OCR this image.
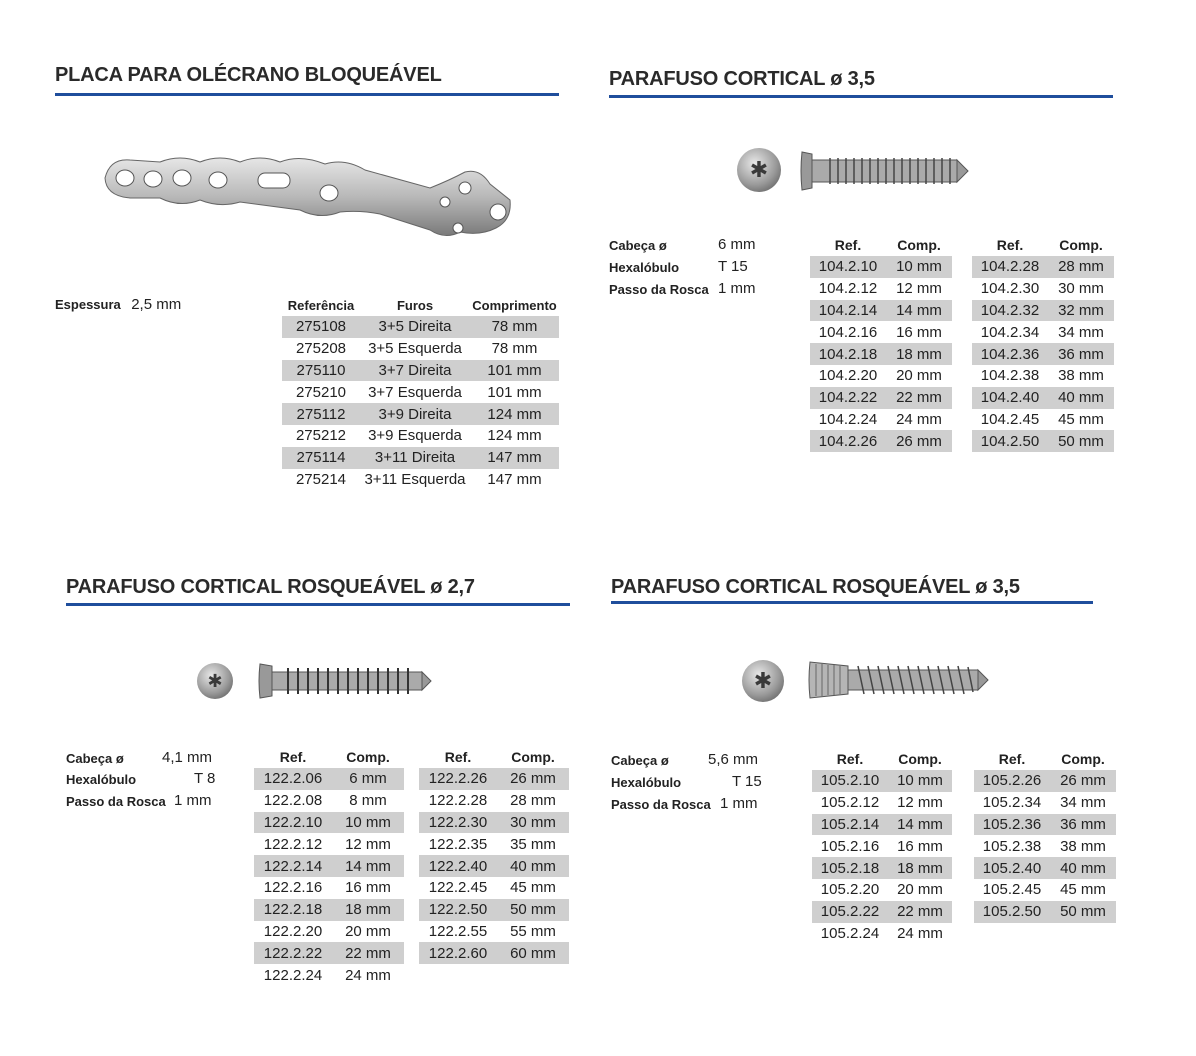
PLACA PARA OLÉCRANO BLOQUEÁVEL
Espessura 2,5 mm	Referência	Furos	Comprimento
275108	3+5 Direita	78 mm
275208	3+5 Esquerda	78 mm
275110	3+7 Direita	101 mm
275210	3+7 Esquerda	101 mm
275112	3+9 Direita	124 mm
275212	3+9 Esquerda	124 mm
275114	3+11 Direita	147 mm
275214	3+11 Esquerda	147 mm
PARAFUSO CORTICAL ø 3,5
✱
Cabeça ø	6 mm
Hexalóbulo	T 15
Passo da Rosca 1 mm
Ref.	Comp.
104.2.10	10 mm
104.2.12	12 mm
104.2.14	14 mm
104.2.16	16 mm
104.2.18	18 mm
104.2.20	20 mm
104.2.22	22 mm
104.2.24	24 mm
104.2.26	26 mm
Ref.	Comp.
104.2.28	28 mm
104.2.30	30 mm
104.2.32	32 mm
104.2.34	34 mm
104.2.36	36 mm
104.2.38	38 mm
104.2.40	40 mm
104.2.45	45 mm
104.2.50	50 mm
PARAFUSO CORTICAL ROSQUEÁVEL ø 2,7
✱
Cabeça ø	4,1 mm
Hexalóbulo	T 8
Passo da Rosca 1 mm
Ref.	Comp.
122.2.06	6 mm
122.2.08	8 mm
122.2.10	10 mm
122.2.12	12 mm
122.2.14	14 mm
122.2.16	16 mm
122.2.18	18 mm
122.2.20	20 mm
122.2.22	22 mm
122.2.24	24 mm
Ref.	Comp.
122.2.26	26 mm
122.2.28	28 mm
122.2.30	30 mm
122.2.35	35 mm
122.2.40	40 mm
122.2.45	45 mm
122.2.50	50 mm
122.2.55	55 mm
122.2.60	60 mm
PARAFUSO CORTICAL ROSQUEÁVEL ø 3,5
✱
Cabeça ø	5,6 mm
Hexalóbulo	T 15
Passo da Rosca 1 mm
Ref.	Comp.
105.2.10	10 mm
105.2.12	12 mm
105.2.14	14 mm
105.2.16	16 mm
105.2.18	18 mm
105.2.20	20 mm
105.2.22	22 mm
105.2.24	24 mm
Ref.	Comp.
105.2.26	26 mm
105.2.34	34 mm
105.2.36	36 mm
105.2.38	38 mm
105.2.40	40 mm
105.2.45	45 mm
105.2.50	50 mm
